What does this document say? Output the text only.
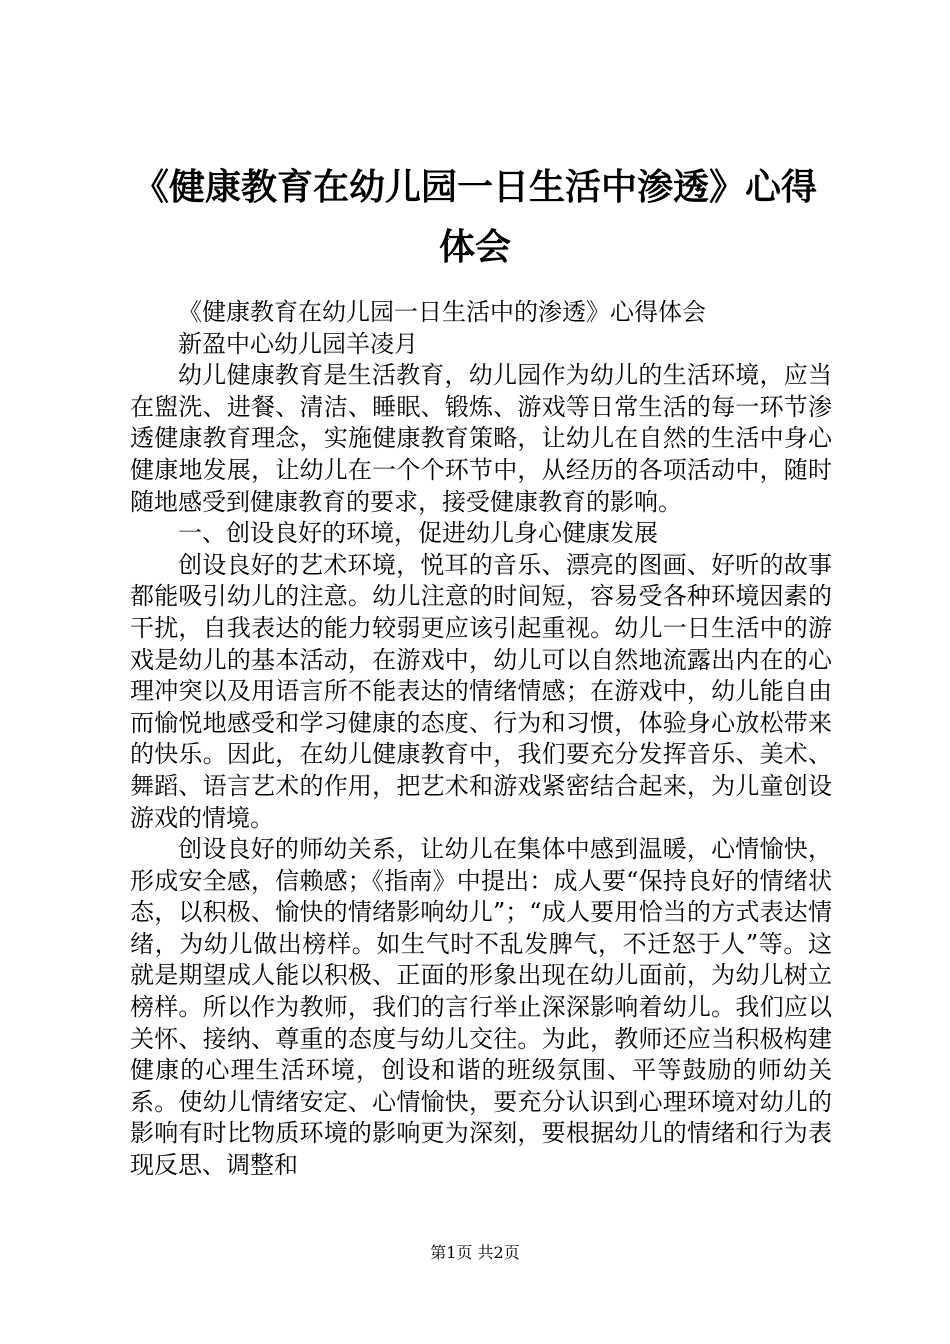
《健康教育在幼儿园一日生活中渗透》心得体会

《健康教育在幼儿园一日生活中的渗透》心得体会

新盈中心幼儿园羊凌月

幼儿健康教育是生活教育，幼儿园作为幼儿的生活环境，应当在盥洗、进餐、清洁、睡眠、锻炼、游戏等日常生活的每一环节渗透健康教育理念，实施健康教育策略，让幼儿在自然的生活中身心健康地发展，让幼儿在一个个环节中，从经历的各项活动中，随时随地感受到健康教育的要求，接受健康教育的影响。

一、创设良好的环境，促进幼儿身心健康发展

创设良好的艺术环境，悦耳的音乐、漂亮的图画、好听的故事都能吸引幼儿的注意。幼儿注意的时间短，容易受各种环境因素的干扰，自我表达的能力较弱更应该引起重视。幼儿一日生活中的游戏是幼儿的基本活动，在游戏中，幼儿可以自然地流露出内在的心理冲突以及用语言所不能表达的情绪情感；在游戏中，幼儿能自由而愉悦地感受和学习健康的态度、行为和习惯，体验身心放松带来的快乐。因此，在幼儿健康教育中，我们要充分发挥音乐、美术、舞蹈、语言艺术的作用，把艺术和游戏紧密结合起来，为儿童创设游戏的情境。

创设良好的师幼关系，让幼儿在集体中感到温暖，心情愉快，形成安全感，信赖感；《指南》中提出：成人要“保持良好的情绪状态，以积极、愉快的情绪影响幼儿”；“成人要用恰当的方式表达情绪，为幼儿做出榜样。如生气时不乱发脾气，不迁怒于人”等。这就是期望成人能以积极、正面的形象出现在幼儿面前，为幼儿树立榜样。所以作为教师，我们的言行举止深深影响着幼儿。我们应以关怀、接纳、尊重的态度与幼儿交往。为此，教师还应当积极构建健康的心理生活环境，创设和谐的班级氛围、平等鼓励的师幼关系。使幼儿情绪安定、心情愉快，要充分认识到心理环境对幼儿的影响有时比物质环境的影响更为深刻，要根据幼儿的情绪和行为表现反思、调整和

第1页 共2页
